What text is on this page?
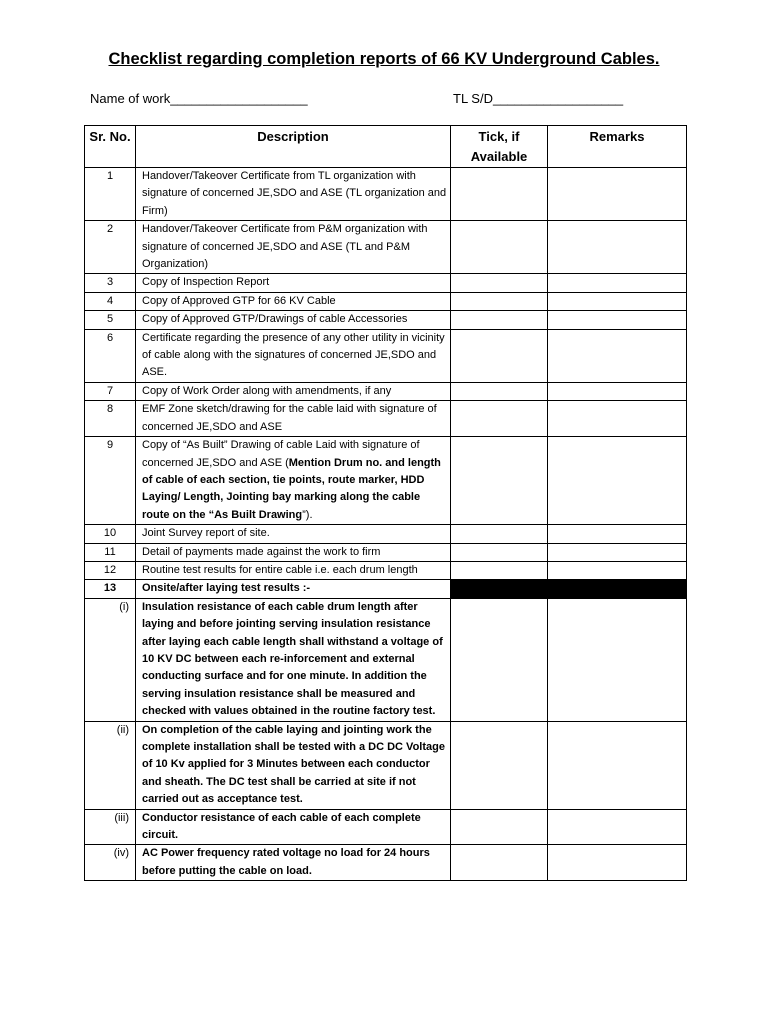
Checklist regarding completion reports of 66 KV Underground Cables.
Name of work___________________	TL S/D__________________
Sr. No.	Description	Tick, if Available	Remarks
1	Handover/Takeover Certificate from TL organization with signature of concerned JE,SDO and ASE (TL organization and Firm)		
2	Handover/Takeover Certificate from P&M organization with signature of concerned JE,SDO and ASE (TL and P&M Organization)		
3	Copy of Inspection Report		
4	Copy of Approved GTP for 66 KV Cable		
5	Copy of Approved GTP/Drawings of cable Accessories		
6	Certificate regarding the presence of any other utility in vicinity of cable along with the signatures of concerned JE,SDO and ASE.		
7	Copy of Work Order along with amendments, if any		
8	EMF Zone sketch/drawing for the cable laid with signature of concerned JE,SDO and ASE		
9	Copy of “As Built” Drawing of cable Laid with signature of concerned JE,SDO and ASE (Mention Drum no. and length of cable of each section, tie points, route marker, HDD Laying/ Length, Jointing bay marking along the cable route on the “As Built Drawing”).		
10	Joint Survey report of site.		
11	Detail of payments made against the work to firm		
12	Routine test results for entire cable i.e. each drum length		
13	Onsite/after laying test results :-		
(i)	Insulation resistance of each cable drum length after laying and before jointing serving insulation resistance after laying each cable length shall withstand a voltage of 10 KV DC between each re-inforcement and external conducting surface and for one minute. In addition the serving insulation resistance shall be measured and checked with values obtained in the routine factory test.		
(ii)	On completion of the cable laying and jointing work the complete installation shall be tested with a DC DC Voltage of 10 Kv applied for 3 Minutes between each conductor and sheath. The DC test shall be carried at site if not carried out as acceptance test.		
(iii)	Conductor resistance of each cable of each complete circuit.		
(iv)	AC Power frequency rated voltage no load for 24 hours before putting the cable on load.		
